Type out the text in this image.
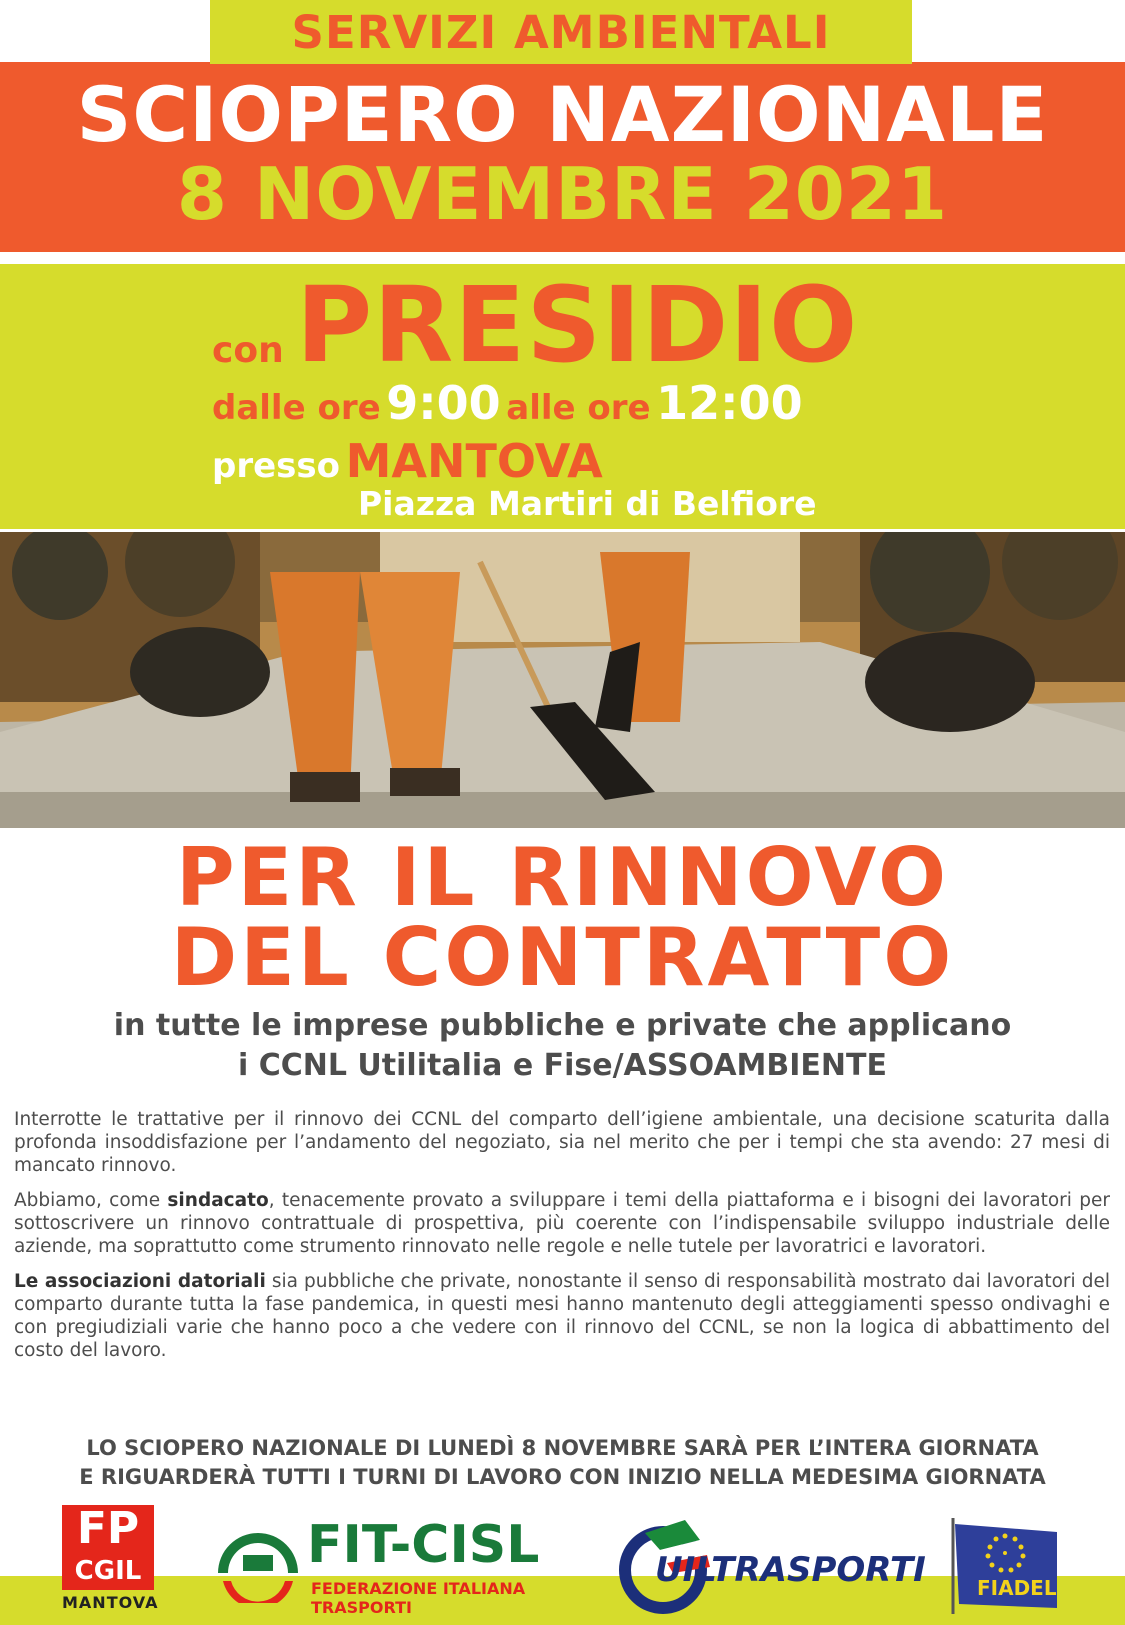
SERVIZI AMBIENTALI
SCIOPERO NAZIONALE
8 NOVEMBRE 2021
con PRESIDIO
dalle ore 9:00 alle ore 12:00
presso MANTOVA
Piazza Martiri di Belfiore
PER IL RINNOVO
DEL CONTRATTO
in tutte le imprese pubbliche e private che applicano
i CCNL Utilitalia e Fise/ASSOAMBIENTE

Interrotte le trattative per il rinnovo dei CCNL del comparto dell’igiene ambientale, una decisione scaturita dalla profonda insoddisfazione per l’andamento del negoziato, sia nel merito che per i tempi che sta avendo: 27 mesi di mancato rinnovo.

Abbiamo, come sindacato, tenacemente provato a sviluppare i temi della piattaforma e i bisogni dei lavoratori per sottoscrivere un rinnovo contrattuale di prospettiva, più coerente con l’indispensabile sviluppo industriale delle aziende, ma soprattutto come strumento rinnovato nelle regole e nelle tutele per lavoratrici e lavoratori.

Le associazioni datoriali sia pubbliche che private, nonostante il senso di responsabilità mostrato dai lavoratori del comparto durante tutta la fase pandemica, in questi mesi hanno mantenuto degli atteggiamenti spesso ondivaghi e con pregiudiziali varie che hanno poco a che vedere con il rinnovo del CCNL, se non la logica di abbattimento del costo del lavoro.

LO SCIOPERO NAZIONALE DI LUNEDÌ 8 NOVEMBRE SARÀ PER L’INTERA GIORNATA
E RIGUARDERÀ TUTTI I TURNI DI LAVORO CON INIZIO NELLA MEDESIMA GIORNATA
FP
CGIL
MANTOVA
FIT-CISL
FEDERAZIONE ITALIANA TRASPORTI
UILTRASPORTI	FIADEL
